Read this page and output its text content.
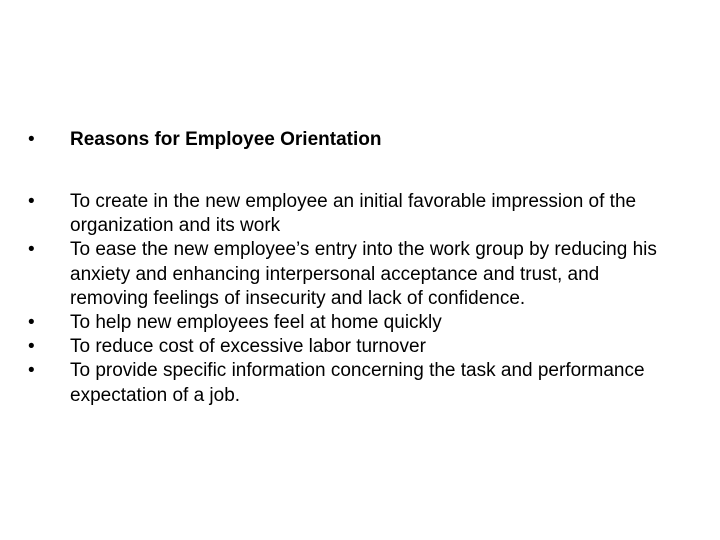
•	Reasons for Employee Orientation
•	To create in the new employee an initial favorable impression of the organization and its work
•	To ease the new employee’s entry into the work group by reducing his anxiety and enhancing interpersonal acceptance and trust, and removing feelings of insecurity and lack of confidence.
•	To help new employees feel at home quickly
•	To reduce cost of excessive labor turnover
•	To provide specific information concerning the task and performance expectation of a job.
